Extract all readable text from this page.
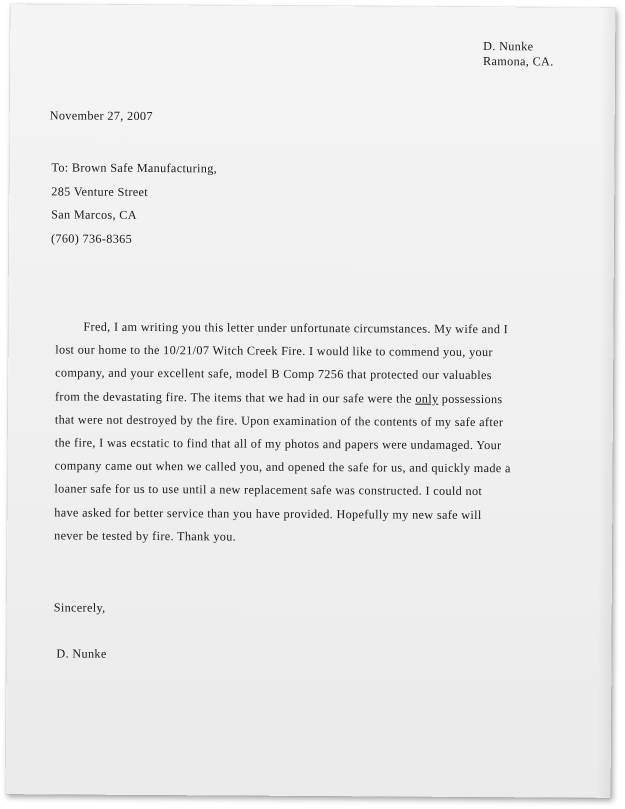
D. Nunke
Ramona, CA.
November 27, 2007
To: Brown Safe Manufacturing,
285 Venture Street
San Marcos, CA
(760) 736-8365
Fred, I am writing you this letter under unfortunate circumstances. My wife and I
lost our home to the 10/21/07 Witch Creek Fire. I would like to commend you, your
company, and your excellent safe, model B Comp 7256 that protected our valuables
from the devastating fire. The items that we had in our safe were the only possessions
that were not destroyed by the fire. Upon examination of the contents of my safe after
the fire, I was ecstatic to find that all of my photos and papers were undamaged. Your
company came out when we called you, and opened the safe for us, and quickly made a
loaner safe for us to use until a new replacement safe was constructed. I could not
have asked for better service than you have provided. Hopefully my new safe will
never be tested by fire. Thank you.
Sincerely,
D. Nunke
